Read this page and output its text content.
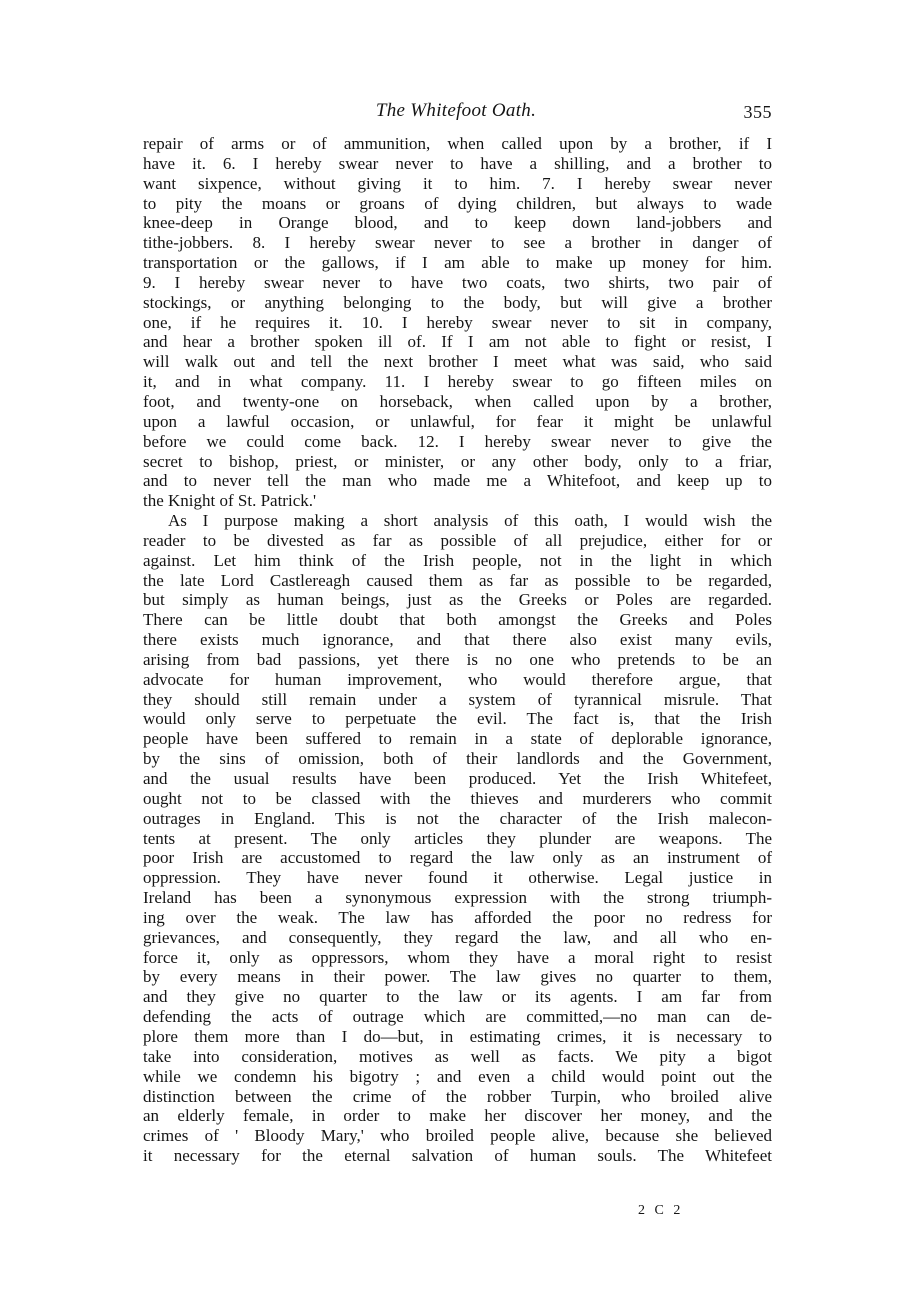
The Whitefoot Oath.	355
repair of arms or of ammunition, when called upon by a brother, if I
have it. 6. I hereby swear never to have a shilling, and a brother to
want sixpence, without giving it to him. 7. I hereby swear never
to pity the moans or groans of dying children, but always to wade
knee-deep in Orange blood, and to keep down land-jobbers and
tithe-jobbers. 8. I hereby swear never to see a brother in danger of
transportation or the gallows, if I am able to make up money for him.
9. I hereby swear never to have two coats, two shirts, two pair of
stockings, or anything belonging to the body, but will give a brother
one, if he requires it. 10. I hereby swear never to sit in company,
and hear a brother spoken ill of. If I am not able to fight or resist, I
will walk out and tell the next brother I meet what was said, who said
it, and in what company. 11. I hereby swear to go fifteen miles on
foot, and twenty-one on horseback, when called upon by a brother,
upon a lawful occasion, or unlawful, for fear it might be unlawful
before we could come back. 12. I hereby swear never to give the
secret to bishop, priest, or minister, or any other body, only to a friar,
and to never tell the man who made me a Whitefoot, and keep up to
the Knight of St. Patrick.'
As I purpose making a short analysis of this oath, I would wish the
reader to be divested as far as possible of all prejudice, either for or
against. Let him think of the Irish people, not in the light in which
the late Lord Castlereagh caused them as far as possible to be regarded,
but simply as human beings, just as the Greeks or Poles are regarded.
There can be little doubt that both amongst the Greeks and Poles
there exists much ignorance, and that there also exist many evils,
arising from bad passions, yet there is no one who pretends to be an
advocate for human improvement, who would therefore argue, that
they should still remain under a system of tyrannical misrule. That
would only serve to perpetuate the evil. The fact is, that the Irish
people have been suffered to remain in a state of deplorable ignorance,
by the sins of omission, both of their landlords and the Government,
and the usual results have been produced. Yet the Irish Whitefeet,
ought not to be classed with the thieves and murderers who commit
outrages in England. This is not the character of the Irish malecon-
tents at present. The only articles they plunder are weapons. The
poor Irish are accustomed to regard the law only as an instrument of
oppression. They have never found it otherwise. Legal justice in
Ireland has been a synonymous expression with the strong triumph-
ing over the weak. The law has afforded the poor no redress for
grievances, and consequently, they regard the law, and all who en-
force it, only as oppressors, whom they have a moral right to resist
by every means in their power. The law gives no quarter to them,
and they give no quarter to the law or its agents. I am far from
defending the acts of outrage which are committed,—no man can de-
plore them more than I do—but, in estimating crimes, it is necessary to
take into consideration, motives as well as facts. We pity a bigot
while we condemn his bigotry ; and even a child would point out the
distinction between the crime of the robber Turpin, who broiled alive
an elderly female, in order to make her discover her money, and the
crimes of ' Bloody Mary,' who broiled people alive, because she believed
it necessary for the eternal salvation of human souls. The Whitefeet
2 C 2
